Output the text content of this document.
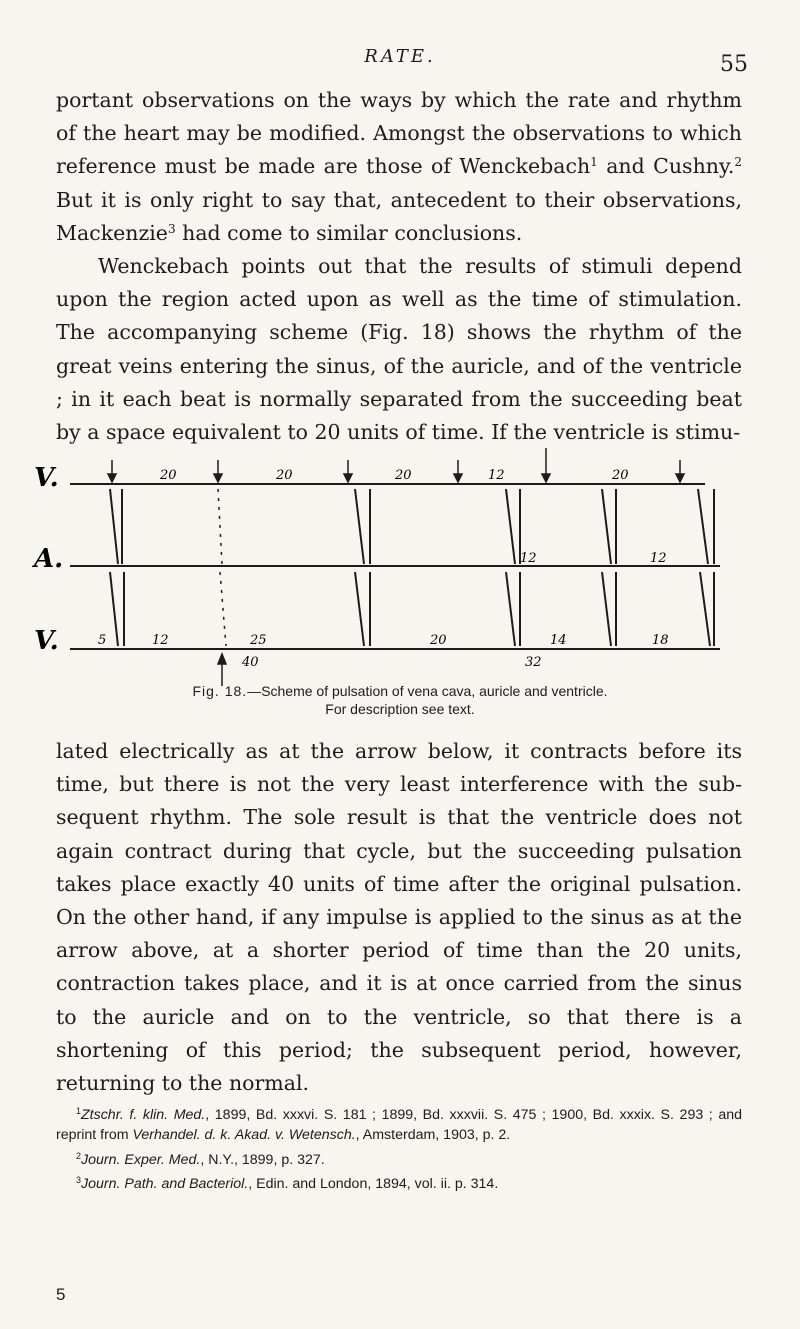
RATE.	55

portant observations on the ways by which the rate and rhythm of the heart may be modified. Amongst the observations to which reference must be made are those of Wenckebach$^1$ and Cushny.$^2$ But it is only right to say that, antecedent to their observations, Mackenzie$^3$ had come to similar conclusions.

Wenckebach points out that the results of stimuli depend upon the region acted upon as well as the time of stimulation. The accompanying scheme (Fig. 18) shows the rhythm of the great veins entering the sinus, of the auricle, and of the ventricle ; in it each beat is normally separated from the succeeding beat by a space equivalent to 20 units of time. If the ventricle is stimu-

V.
A.
V.
20	20	20	12	20
12	12
5	12	25	20	14	18
40	32
Fig. 18.—Scheme of pulsation of vena cava, auricle and ventricle.
For description see text.

lated electrically as at the arrow below, it contracts before its time, but there is not the very least interference with the sub-sequent rhythm. The sole result is that the ventricle does not again contract during that cycle, but the succeeding pulsation takes place exactly 40 units of time after the original pulsation. On the other hand, if any impulse is applied to the sinus as at the arrow above, at a shorter period of time than the 20 units, contraction takes place, and it is at once carried from the sinus to the auricle and on to the ventricle, so that there is a shortening of this period; the subsequent period, however, returning to the normal.

$^1$Ztschr. f. klin. Med., 1899, Bd. xxxvi. S. 181 ; 1899, Bd. xxxvii. S. 475 ; 1900, Bd. xxxix. S. 293 ; and reprint from Verhandel. d. k. Akad. v. Wetensch., Amsterdam, 1903, p. 2.

$^2$Journ. Exper. Med., N.Y., 1899, p. 327.

$^3$Journ. Path. and Bacteriol., Edin. and London, 1894, vol. ii. p. 314.

5
